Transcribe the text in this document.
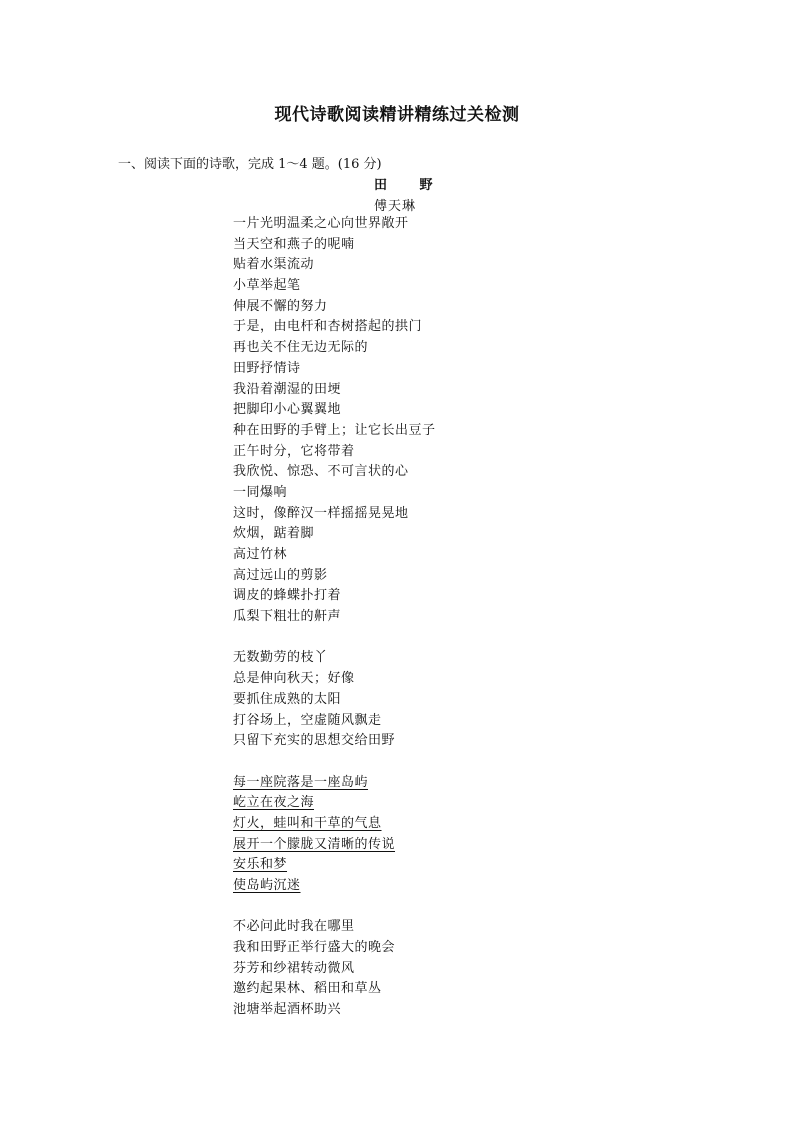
现代诗歌阅读精讲精练过关检测
一、阅读下面的诗歌，完成 1～4 题。(16 分)
田 野
傅天琳
一片光明温柔之心向世界敞开
当天空和燕子的呢喃
贴着水渠流动
小草举起笔
伸展不懈的努力
于是，由电杆和杏树搭起的拱门
再也关不住无边无际的
田野抒情诗
我沿着潮湿的田埂
把脚印小心翼翼地
种在田野的手臂上；让它长出豆子
正午时分，它将带着
我欣悦、惊恐、不可言状的心
一同爆响
这时，像醉汉一样摇摇晃晃地
炊烟，踮着脚
高过竹林
高过远山的剪影
调皮的蜂蝶扑打着
瓜梨下粗壮的鼾声
无数勤劳的枝丫
总是伸向秋天；好像
要抓住成熟的太阳
打谷场上，空虚随风飘走
只留下充实的思想交给田野
每一座院落是一座岛屿
屹立在夜之海
灯火，蛙叫和干草的气息
展开一个朦胧又清晰的传说
安乐和梦
使岛屿沉迷
不必问此时我在哪里
我和田野正举行盛大的晚会
芬芳和纱裙转动微风
邀约起果林、稻田和草丛
池塘举起酒杯助兴
